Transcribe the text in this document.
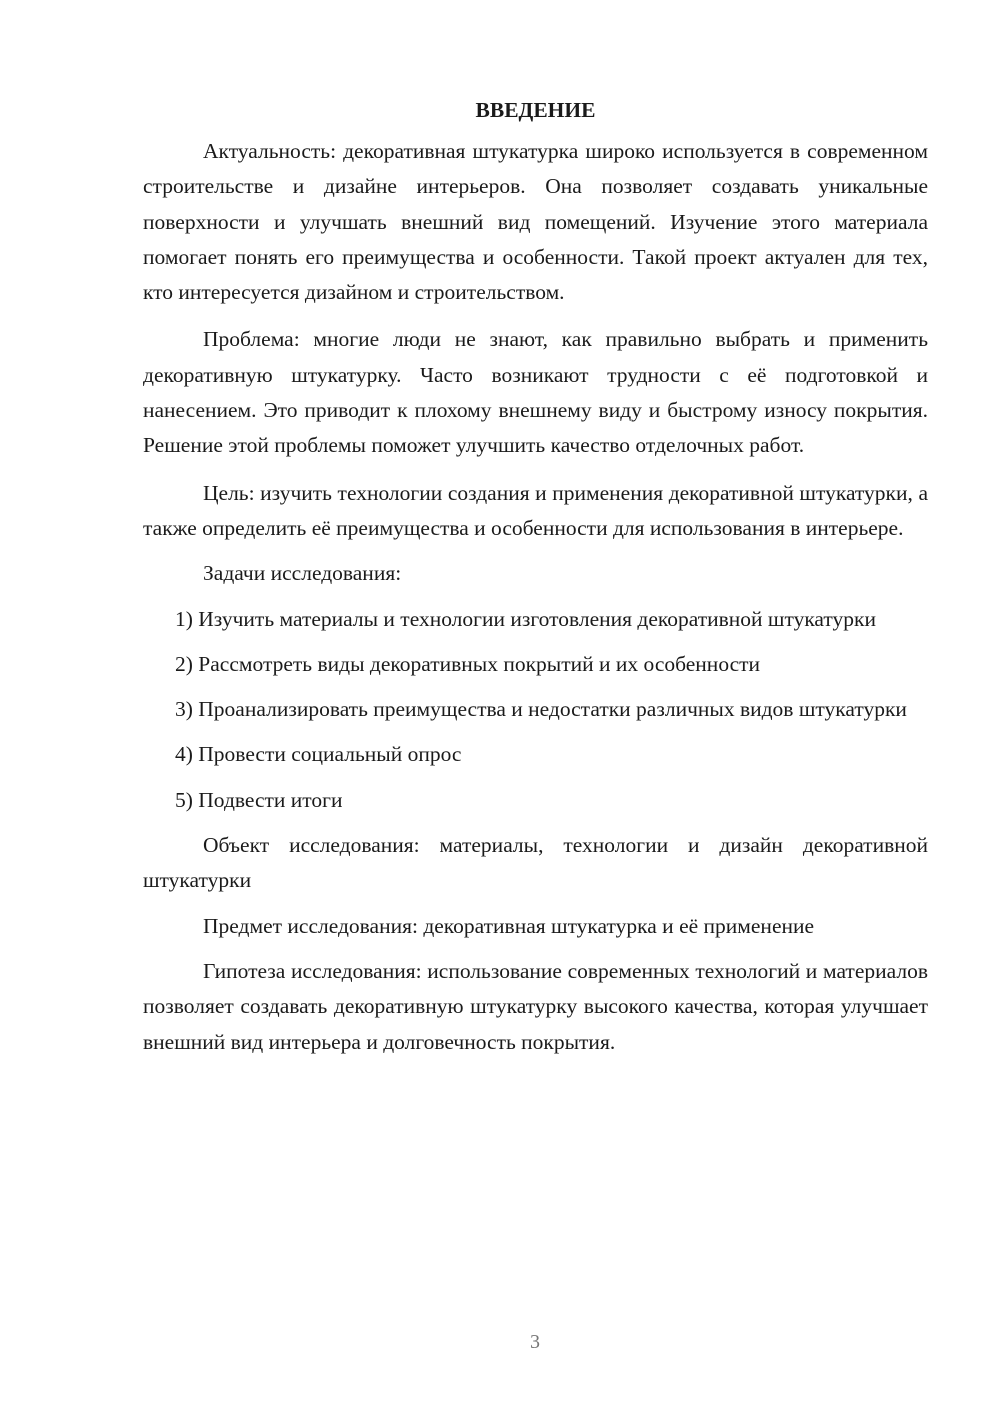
ВВЕДЕНИЕ

Актуальность: декоративная штукатурка широко используется в современном строительстве и дизайне интерьеров. Она позволяет создавать уникальные поверхности и улучшать внешний вид помещений. Изучение этого материала помогает понять его преимущества и особенности. Такой проект актуален для тех, кто интересуется дизайном и строительством.

Проблема: многие люди не знают, как правильно выбрать и применить декоративную штукатурку. Часто возникают трудности с её подготовкой и нанесением. Это приводит к плохому внешнему виду и быстрому износу покрытия. Решение этой проблемы поможет улучшить качество отделочных работ.

Цель: изучить технологии создания и применения декоративной штукатурки, а также определить её преимущества и особенности для использования в интерьере.

Задачи исследования:

1) Изучить материалы и технологии изготовления декоративной штукатурки

2) Рассмотреть виды декоративных покрытий и их особенности

3) Проанализировать преимущества и недостатки различных видов штукатурки

4) Провести социальный опрос

5) Подвести итоги

Объект исследования: материалы, технологии и дизайн декоративной штукатурки

Предмет исследования: декоративная штукатурка и её применение

Гипотеза исследования: использование современных технологий и материалов позволяет создавать декоративную штукатурку высокого качества, которая улучшает внешний вид интерьера и долговечность покрытия.

3
